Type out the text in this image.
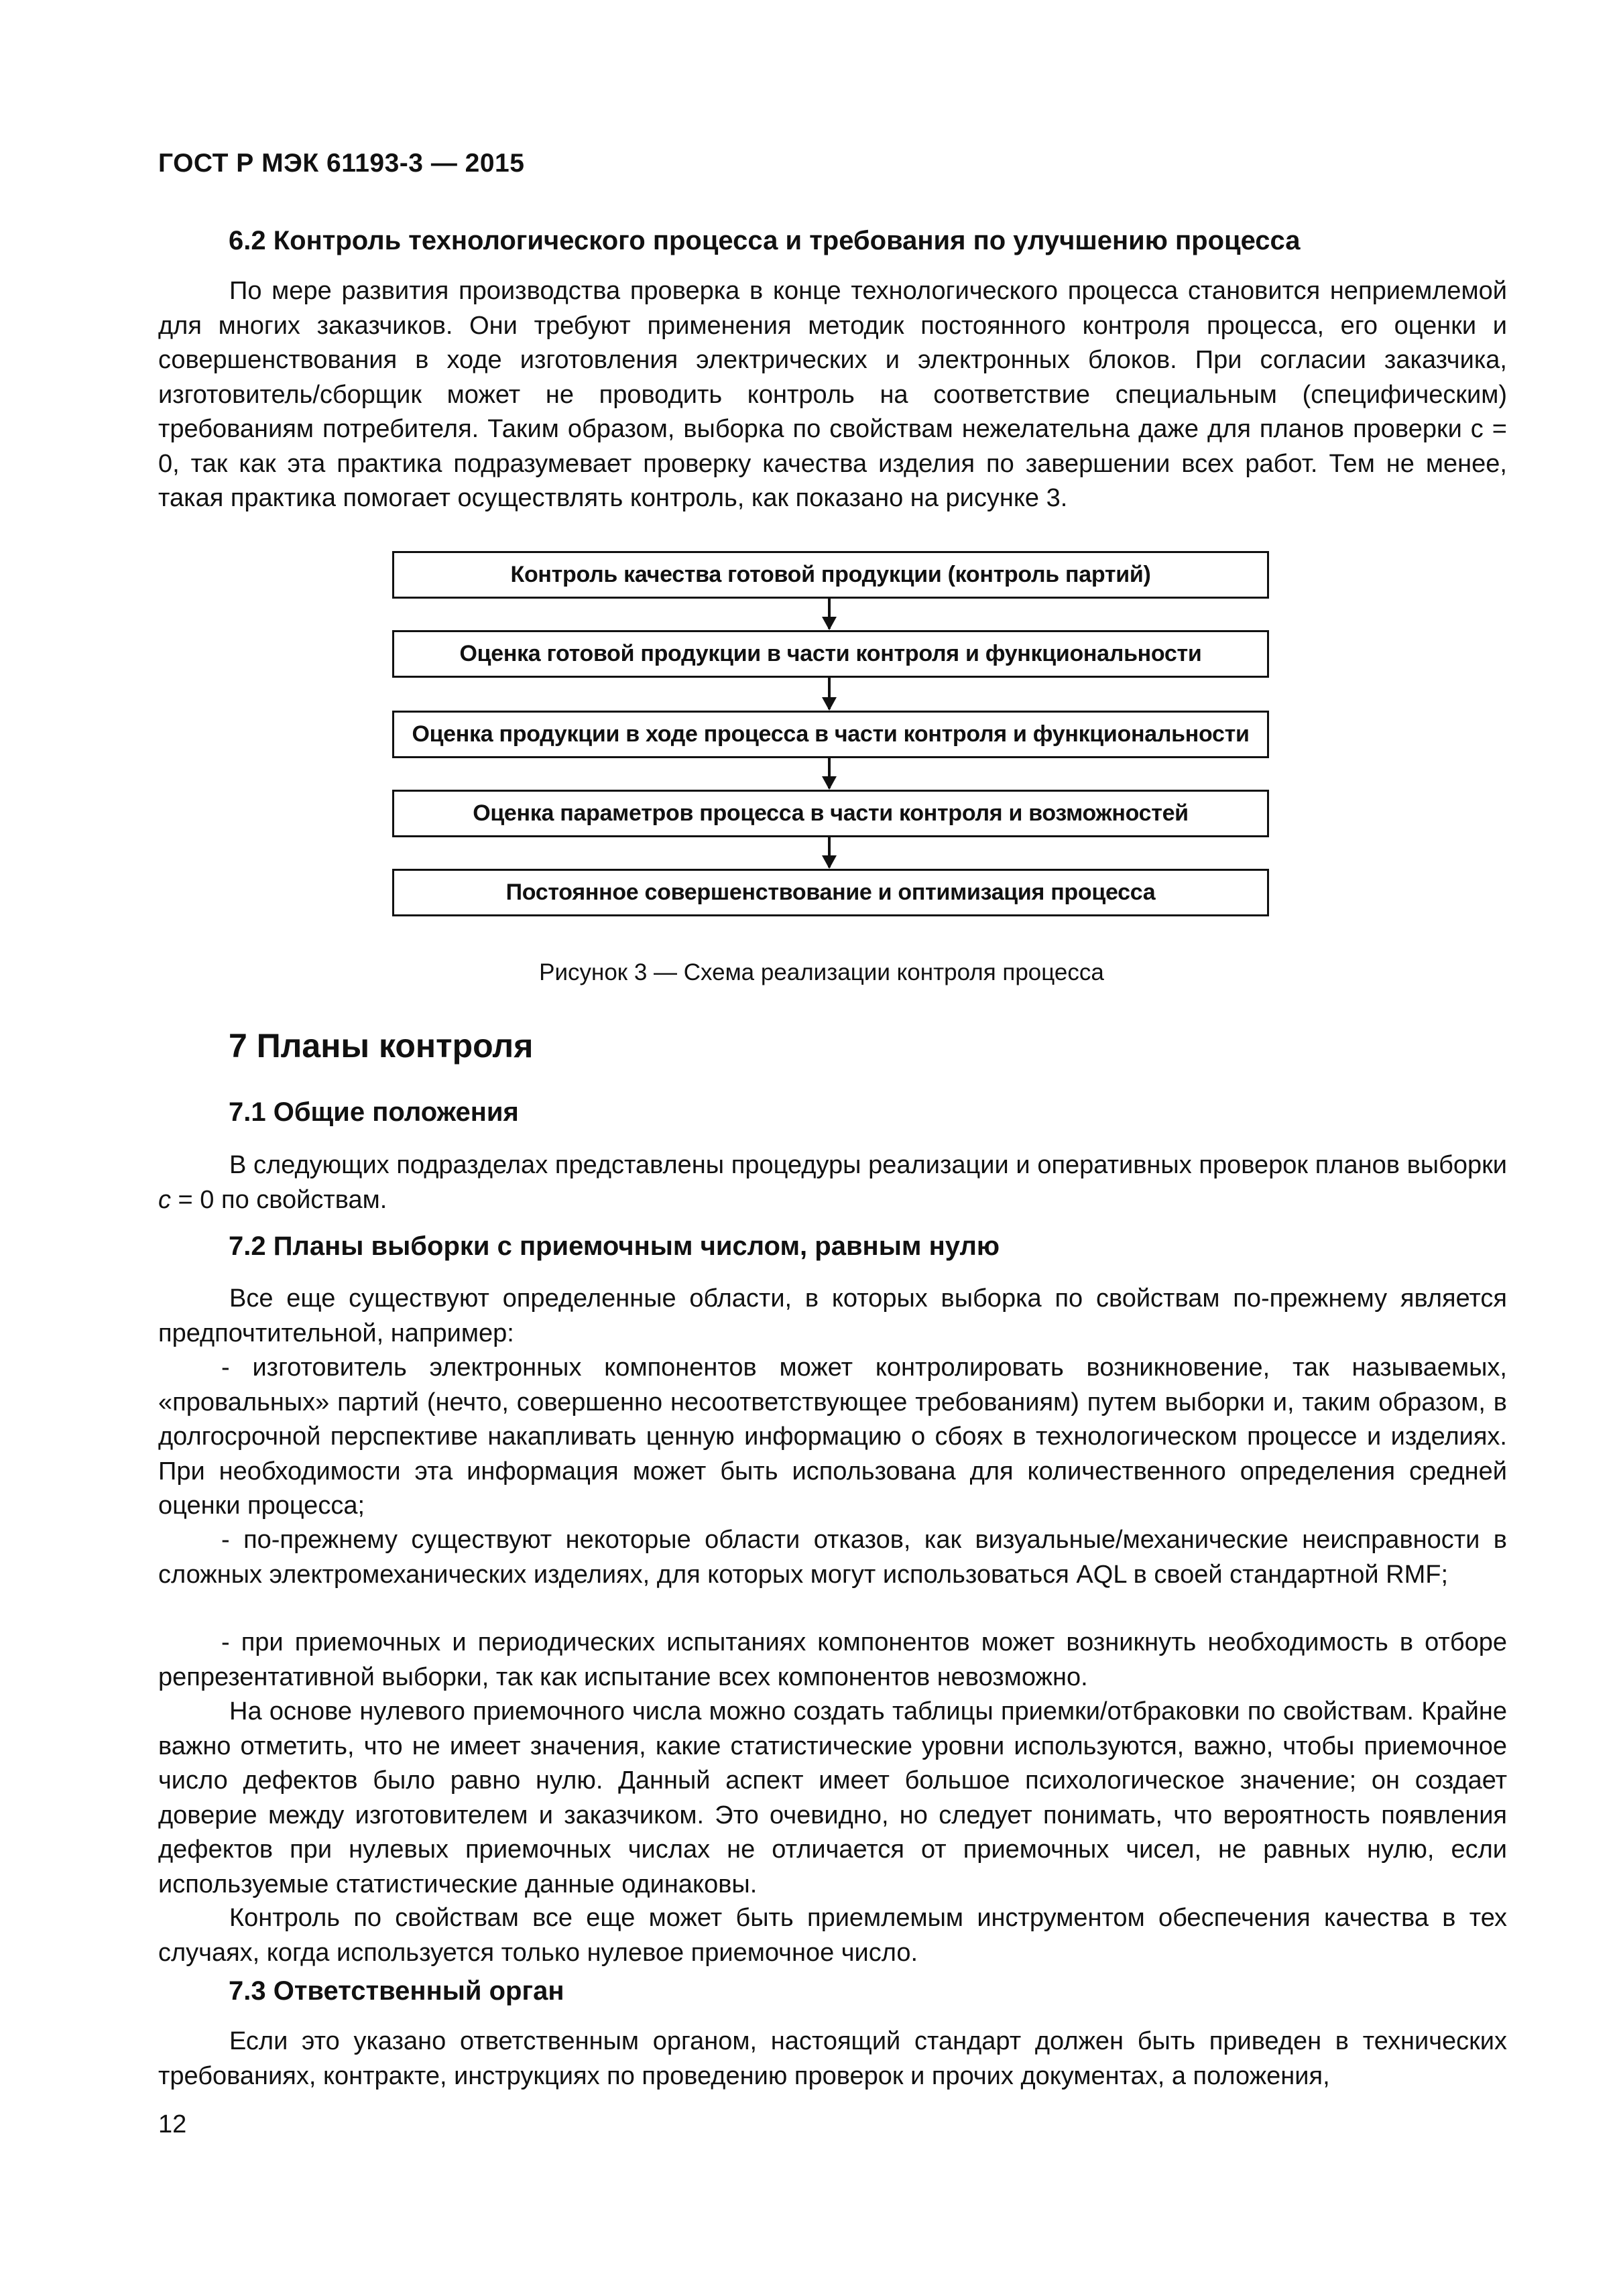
ГОСТ Р МЭК 61193-3 — 2015
6.2 Контроль технологического процесса и требования по улучшению процесса
По мере развития производства проверка в конце технологического процесса становится неприемлемой для многих заказчиков. Они требуют применения методик постоянного контроля процесса, его оценки и совершенствования в ходе изготовления электрических и электронных блоков. При согласии заказчика, изготовитель/сборщик может не проводить контроль на соответствие специальным (специфическим) требованиям потребителя. Таким образом, выборка по свойствам нежелательна даже для планов проверки с = 0, так как эта практика подразумевает проверку качества изделия по завершении всех работ. Тем не менее, такая практика помогает осуществлять контроль, как показано на рисунке 3.
Контроль качества готовой продукции (контроль партий)
Оценка готовой продукции в части контроля и функциональности
Оценка продукции в ходе процесса в части контроля и функциональности
Оценка параметров процесса в части контроля и возможностей
Постоянное совершенствование и оптимизация процесса
Рисунок 3 — Схема реализации контроля процесса
7 Планы контроля
7.1 Общие положения
В следующих подразделах представлены процедуры реализации и оперативных проверок планов выборки c = 0 по свойствам.
7.2 Планы выборки с приемочным числом, равным нулю
Все еще существуют определенные области, в которых выборка по свойствам по-прежнему является предпочтительной, например:
- изготовитель электронных компонентов может контролировать возникновение, так называемых, «провальных» партий (нечто, совершенно несоответствующее требованиям) путем выборки и, таким образом, в долгосрочной перспективе накапливать ценную информацию о сбоях в технологическом процессе и изделиях. При необходимости эта информация может быть использована для количественного определения средней оценки процесса;
- по-прежнему существуют некоторые области отказов, как визуальные/механические неисправности в сложных электромеханических изделиях, для которых могут использоваться AQL в своей стандартной RMF;
- при приемочных и периодических испытаниях компонентов может возникнуть необходимость в отборе репрезентативной выборки, так как испытание всех компонентов невозможно.
На основе нулевого приемочного числа можно создать таблицы приемки/отбраковки по свойствам. Крайне важно отметить, что не имеет значения, какие статистические уровни используются, важно, чтобы приемочное число дефектов было равно нулю. Данный аспект имеет большое психологическое значение; он создает доверие между изготовителем и заказчиком. Это очевидно, но следует понимать, что вероятность появления дефектов при нулевых приемочных числах не отличается от приемочных чисел, не равных нулю, если используемые статистические данные одинаковы.
Контроль по свойствам все еще может быть приемлемым инструментом обеспечения качества в тех случаях, когда используется только нулевое приемочное число.
7.3 Ответственный орган
Если это указано ответственным органом, настоящий стандарт должен быть приведен в технических требованиях, контракте, инструкциях по проведению проверок и прочих документах, а положения,
12
